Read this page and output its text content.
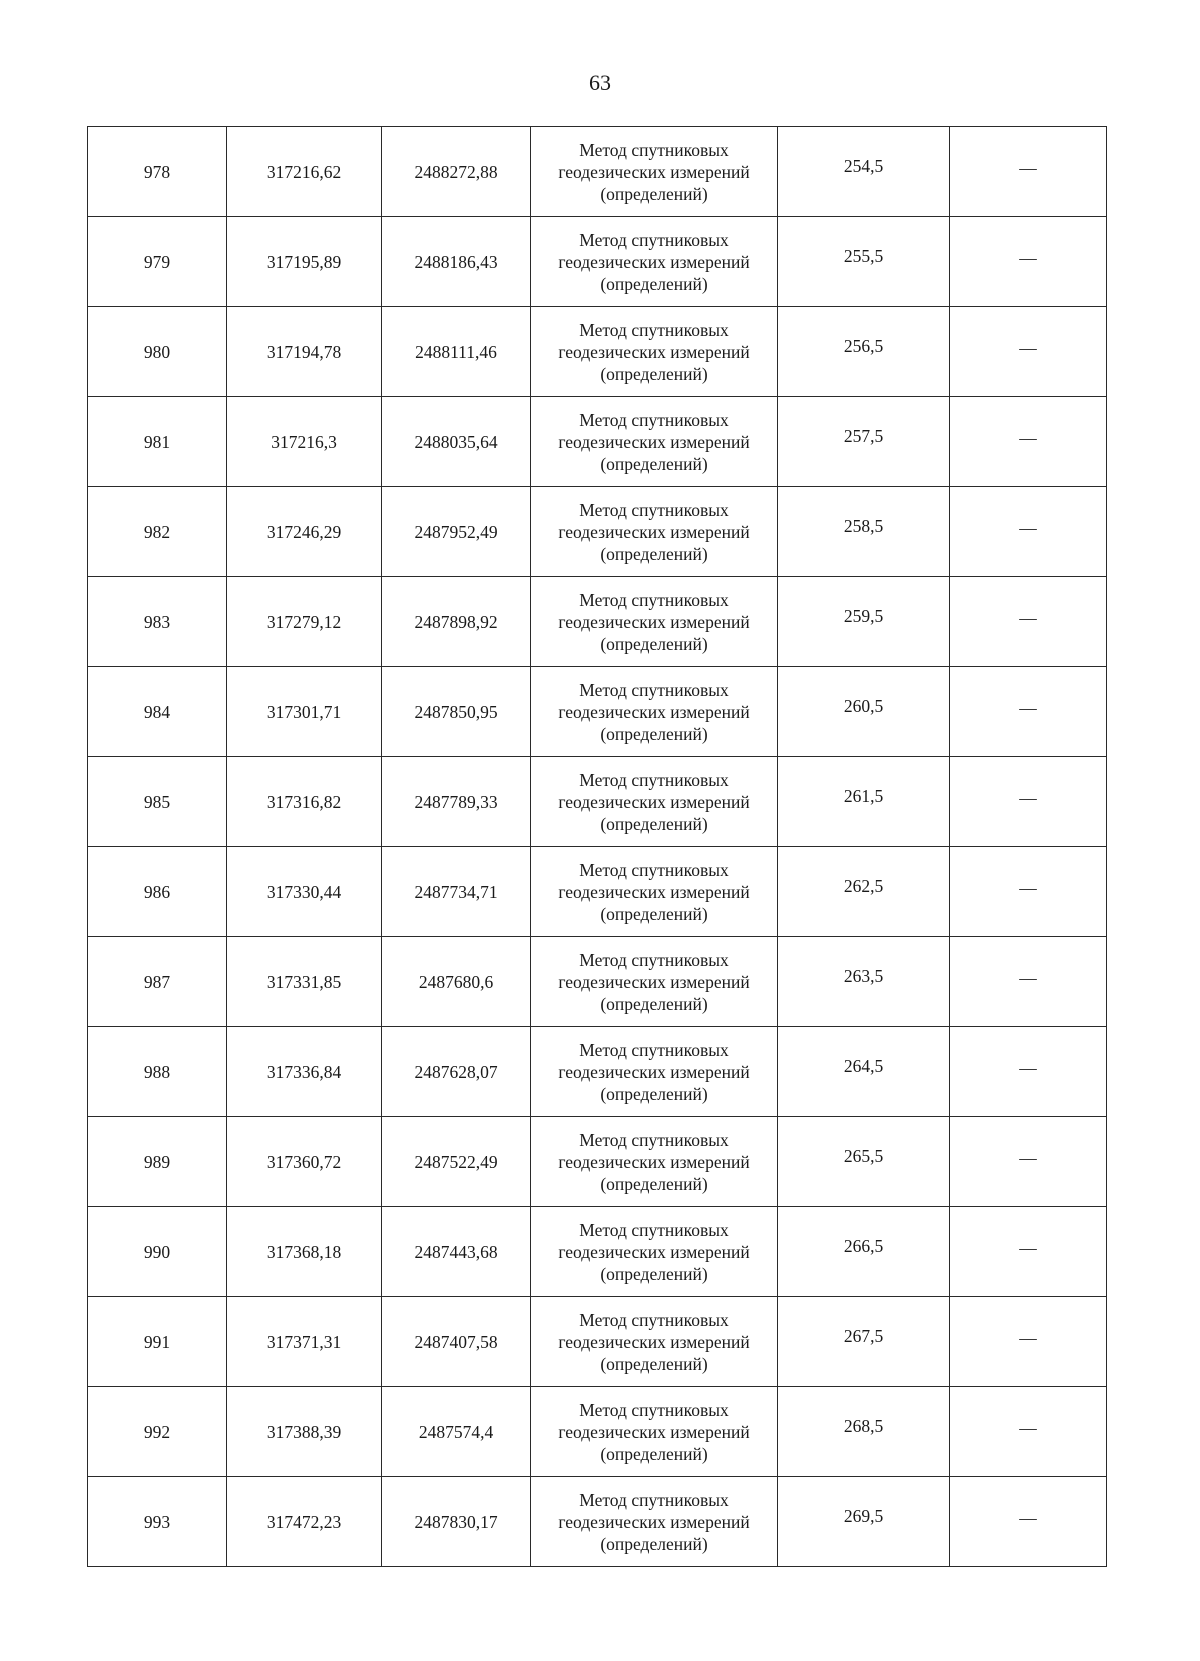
63
978	317216,62	2488272,88	Метод спутниковых
геодезических измерений
(определений)	254,5	—
979	317195,89	2488186,43	Метод спутниковых
геодезических измерений
(определений)	255,5	—
980	317194,78	2488111,46	Метод спутниковых
геодезических измерений
(определений)	256,5	—
981	317216,3	2488035,64	Метод спутниковых
геодезических измерений
(определений)	257,5	—
982	317246,29	2487952,49	Метод спутниковых
геодезических измерений
(определений)	258,5	—
983	317279,12	2487898,92	Метод спутниковых
геодезических измерений
(определений)	259,5	—
984	317301,71	2487850,95	Метод спутниковых
геодезических измерений
(определений)	260,5	—
985	317316,82	2487789,33	Метод спутниковых
геодезических измерений
(определений)	261,5	—
986	317330,44	2487734,71	Метод спутниковых
геодезических измерений
(определений)	262,5	—
987	317331,85	2487680,6	Метод спутниковых
геодезических измерений
(определений)	263,5	—
988	317336,84	2487628,07	Метод спутниковых
геодезических измерений
(определений)	264,5	—
989	317360,72	2487522,49	Метод спутниковых
геодезических измерений
(определений)	265,5	—
990	317368,18	2487443,68	Метод спутниковых
геодезических измерений
(определений)	266,5	—
991	317371,31	2487407,58	Метод спутниковых
геодезических измерений
(определений)	267,5	—
992	317388,39	2487574,4	Метод спутниковых
геодезических измерений
(определений)	268,5	—
993	317472,23	2487830,17	Метод спутниковых
геодезических измерений
(определений)	269,5	—
